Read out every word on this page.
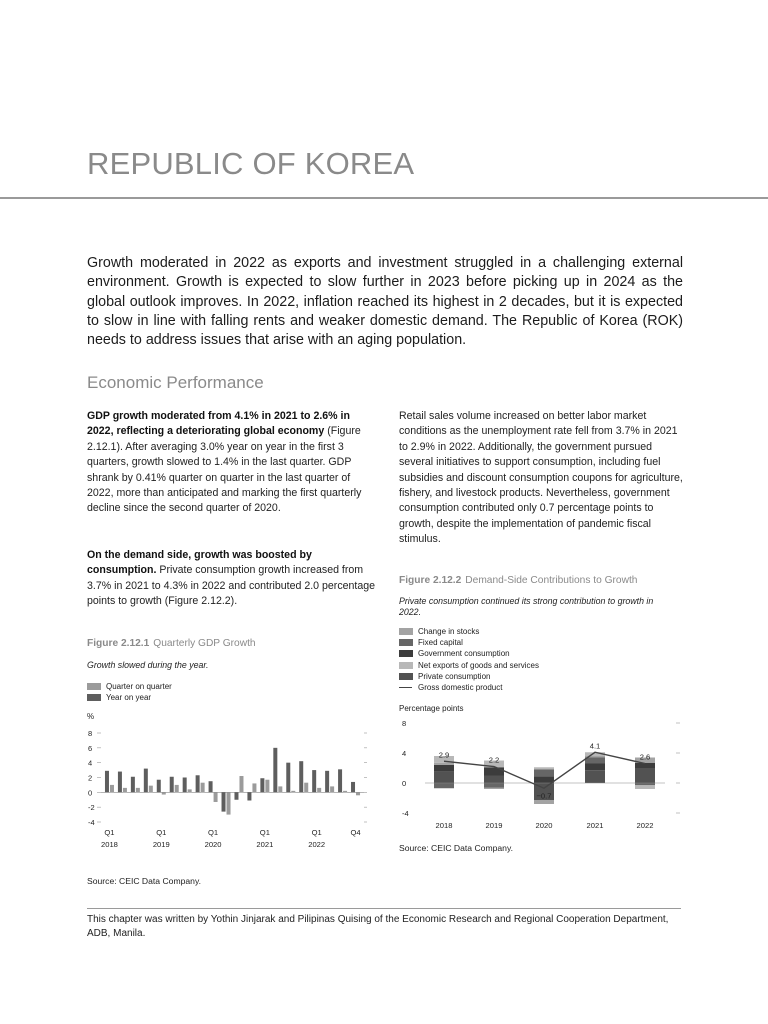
REPUBLIC OF KOREA
Growth moderated in 2022 as exports and investment struggled in a challenging external environment. Growth is expected to slow further in 2023 before picking up in 2024 as the global outlook improves. In 2022, inflation reached its highest in 2 decades, but it is expected to slow in line with falling rents and weaker domestic demand. The Republic of Korea (ROK) needs to address issues that arise with an aging population.
Economic Performance
GDP growth moderated from 4.1% in 2021 to 2.6% in 2022, reflecting a deteriorating global economy (Figure 2.12.1). After averaging 3.0% year on year in the first 3 quarters, growth slowed to 1.4% in the last quarter. GDP shrank by 0.41% quarter on quarter in the last quarter of 2022, more than anticipated and marking the first quarterly decline since the second quarter of 2020.
On the demand side, growth was boosted by consumption. Private consumption growth increased from 3.7% in 2021 to 4.3% in 2022 and contributed 2.0 percentage points to growth (Figure 2.12.2).
Retail sales volume increased on better labor market conditions as the unemployment rate fell from 3.7% in 2021 to 2.9% in 2022. Additionally, the government pursued several initiatives to support consumption, including fuel subsidies and discount consumption coupons for agriculture, fishery, and livestock products. Nevertheless, government consumption contributed only 0.7 percentage points to growth, despite the implementation of pandemic fiscal stimulus.
Figure 2.12.1 Quarterly GDP Growth
Growth slowed during the year.
Quarter on quarter
Year on year
%
8
6
4
2
0
-2
-4
Q1
2018
Q1
2019
Q1
2020
Q1
2021
Q1
2022
Q4
Source: CEIC Data Company.
Figure 2.12.2 Demand-Side Contributions to Growth
Private consumption continued its strong contribution to growth in 2022.
Change in stocks
Fixed capital
Government consumption
Net exports of goods and services
Private consumption
Gross domestic product
Percentage points
8
4
0
-4
2018	2019	2020	2021	2022
2.9
2.2
−0.7
4.1
2.6
Source: CEIC Data Company.
This chapter was written by Yothin Jinjarak and Pilipinas Quising of the Economic Research and Regional Cooperation Department, ADB, Manila.
